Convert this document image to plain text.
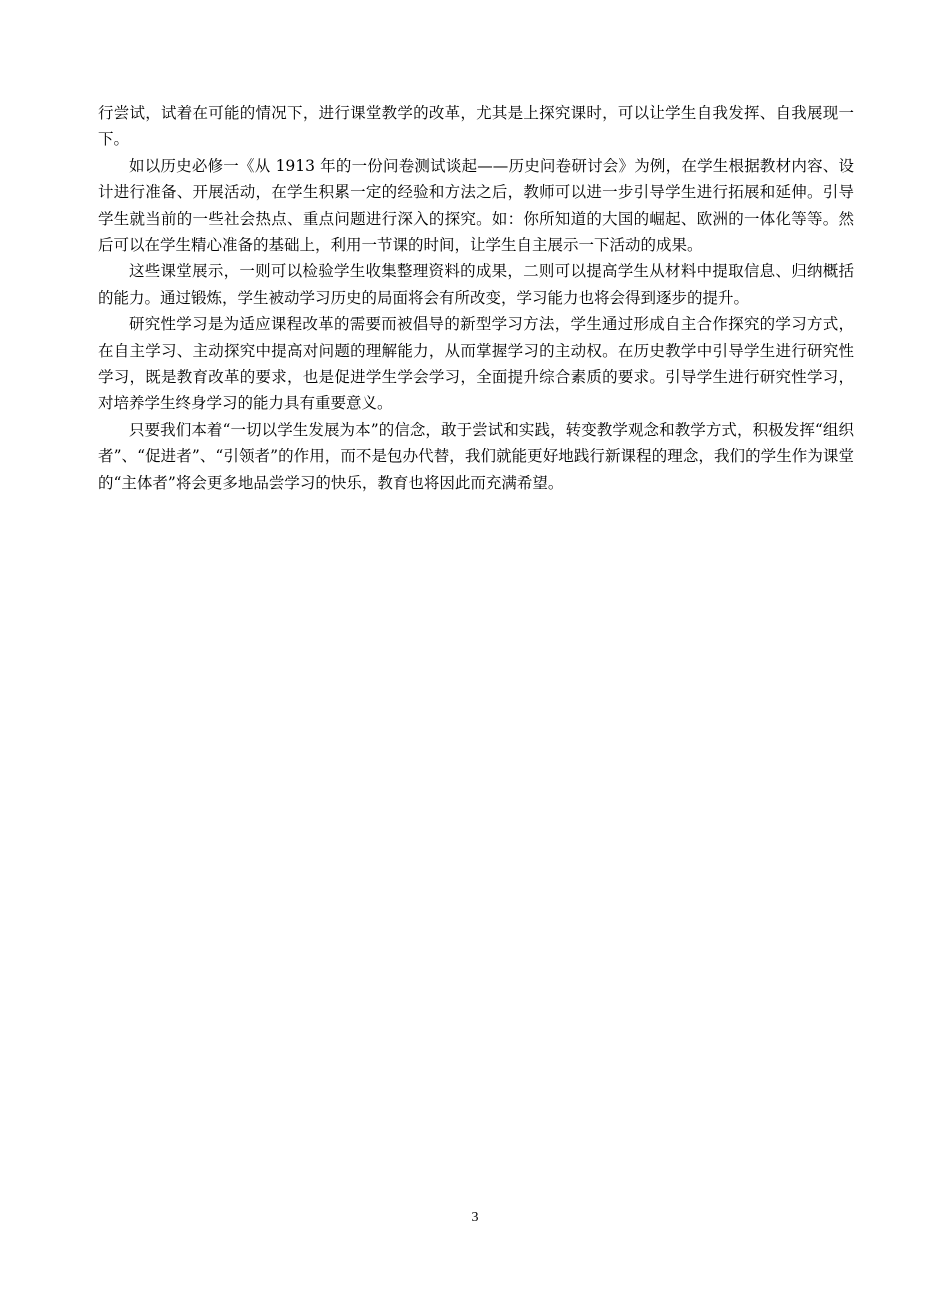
行尝试，试着在可能的情况下，进行课堂教学的改革，尤其是上探究课时，可以让学生自我发挥、自我展现一下。

如以历史必修一《从 1913 年的一份问卷测试谈起——历史问卷研讨会》为例，在学生根据教材内容、设计进行准备、开展活动，在学生积累一定的经验和方法之后，教师可以进一步引导学生进行拓展和延伸。引导学生就当前的一些社会热点、重点问题进行深入的探究。如：你所知道的大国的崛起、欧洲的一体化等等。然后可以在学生精心准备的基础上，利用一节课的时间，让学生自主展示一下活动的成果。

这些课堂展示，一则可以检验学生收集整理资料的成果，二则可以提高学生从材料中提取信息、归纳概括的能力。通过锻炼，学生被动学习历史的局面将会有所改变，学习能力也将会得到逐步的提升。

研究性学习是为适应课程改革的需要而被倡导的新型学习方法，学生通过形成自主合作探究的学习方式，在自主学习、主动探究中提高对问题的理解能力，从而掌握学习的主动权。在历史教学中引导学生进行研究性学习，既是教育改革的要求，也是促进学生学会学习，全面提升综合素质的要求。引导学生进行研究性学习，对培养学生终身学习的能力具有重要意义。

只要我们本着“一切以学生发展为本”的信念，敢于尝试和实践，转变教学观念和教学方式，积极发挥“组织者”、“促进者”、“引领者”的作用，而不是包办代替，我们就能更好地践行新课程的理念，我们的学生作为课堂的“主体者”将会更多地品尝学习的快乐，教育也将因此而充满希望。

3
